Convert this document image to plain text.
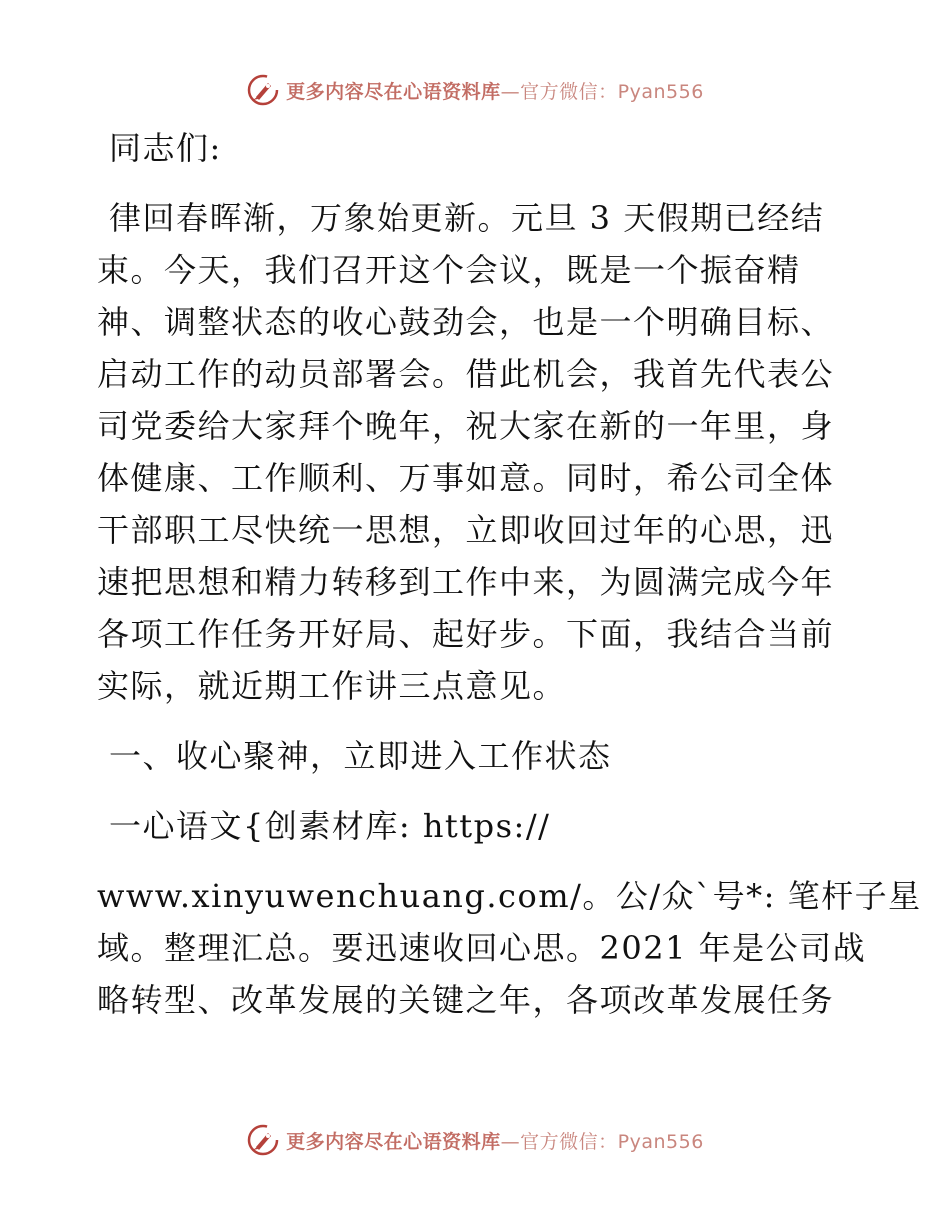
更多内容尽在心语资料库—官方微信：Pyan556
同志们:
律回春晖渐，万象始更新。元旦 3 天假期已经结
束。今天，我们召开这个会议，既是一个振奋精
神、调整状态的收心鼓劲会，也是一个明确目标、
启动工作的动员部署会。借此机会，我首先代表公
司党委给大家拜个晚年，祝大家在新的一年里，身
体健康、工作顺利、万事如意。同时，希公司全体
干部职工尽快统一思想，立即收回过年的心思，迅
速把思想和精力转移到工作中来，为圆满完成今年
各项工作任务开好局、起好步。下面，我结合当前
实际，就近期工作讲三点意见。
一、收心聚神，立即进入工作状态
一心语文{创素材库: https://
www.xinyuwenchuang.com/。公/众`号*: 笔杆子星
域。整理汇总。要迅速收回心思。2021 年是公司战
略转型、改革发展的关键之年，各项改革发展任务
更多内容尽在心语资料库—官方微信：Pyan556
